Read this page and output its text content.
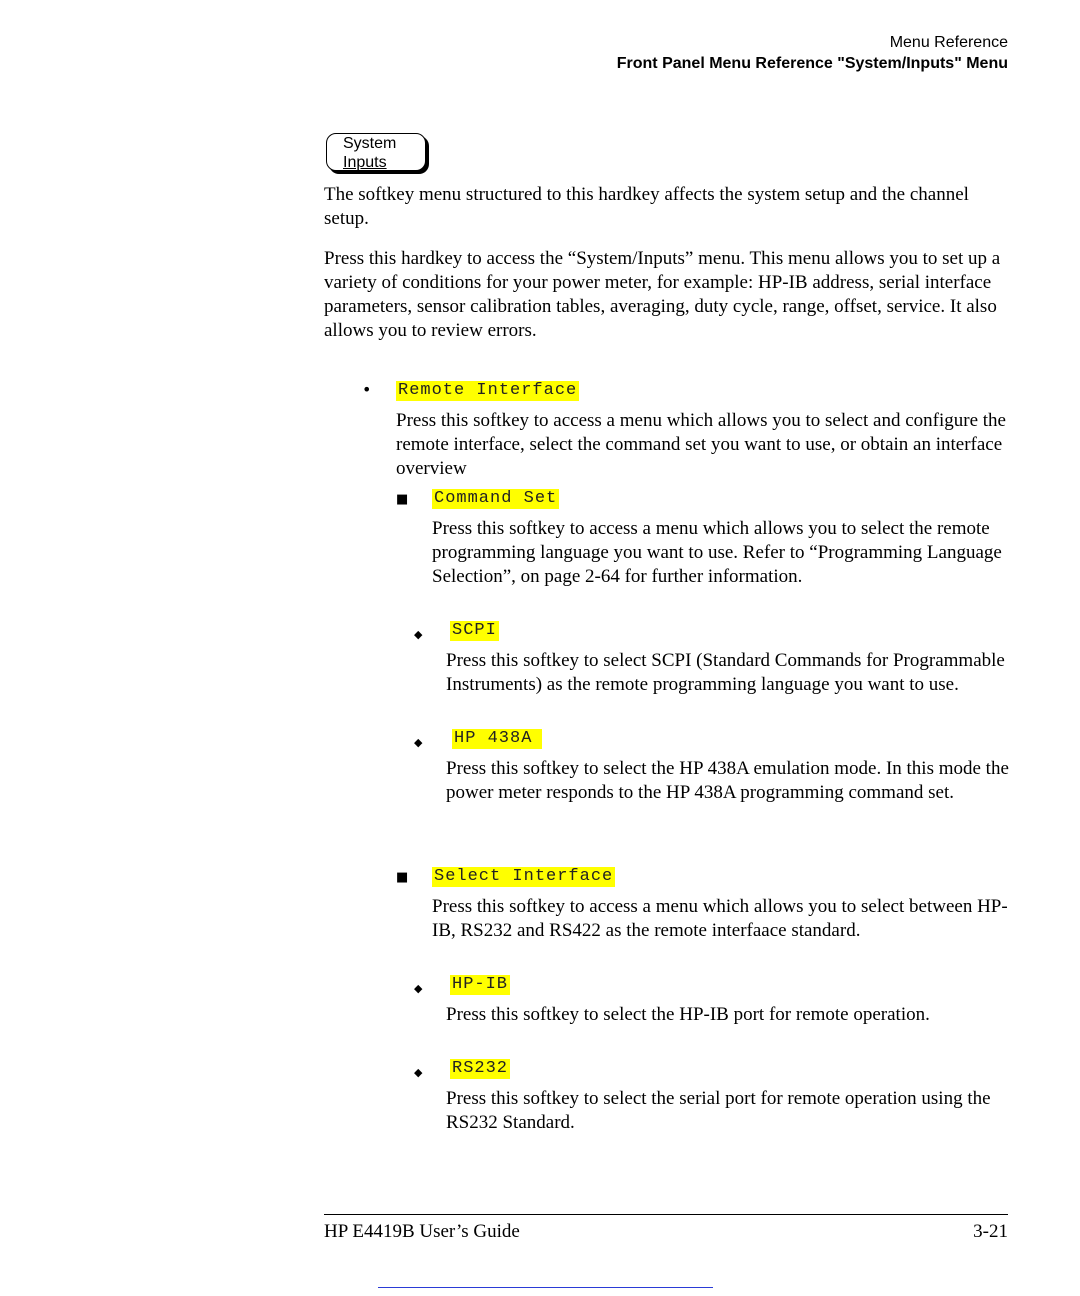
Menu Reference
Front Panel Menu Reference "System/Inputs" Menu
System
Inputs

The softkey menu structured to this hardkey affects the system setup and the channel setup.

Press this hardkey to access the “System/Inputs” menu. This menu allows you to set up a variety of conditions for your power meter, for example: HP-IB address, serial interface parameters, sensor calibration tables, averaging, duty cycle, range, offset, service. It also allows you to review errors.

• Remote Interface

Press this softkey to access a menu which allows you to select and configure the remote interface, select the command set you want to use, or obtain an interface overview

■ Command Set

Press this softkey to access a menu which allows you to select the remote programming language you want to use. Refer to “Programming Language Selection”, on page 2-64 for further information.

◆ SCPI

Press this softkey to select SCPI (Standard Commands for Programmable Instruments) as the remote programming language you want to use.

◆ HP 438A

Press this softkey to select the HP 438A emulation mode. In this mode the power meter responds to the HP 438A programming command set.

■ Select Interface

Press this softkey to access a menu which allows you to select between HP-IB, RS232 and RS422 as the remote interfaace standard.

◆ HP-IB

Press this softkey to select the HP-IB port for remote operation.

◆ RS232

Press this softkey to select the serial port for remote operation using the RS232 Standard.

HP E4419B User’s Guide	3-21
